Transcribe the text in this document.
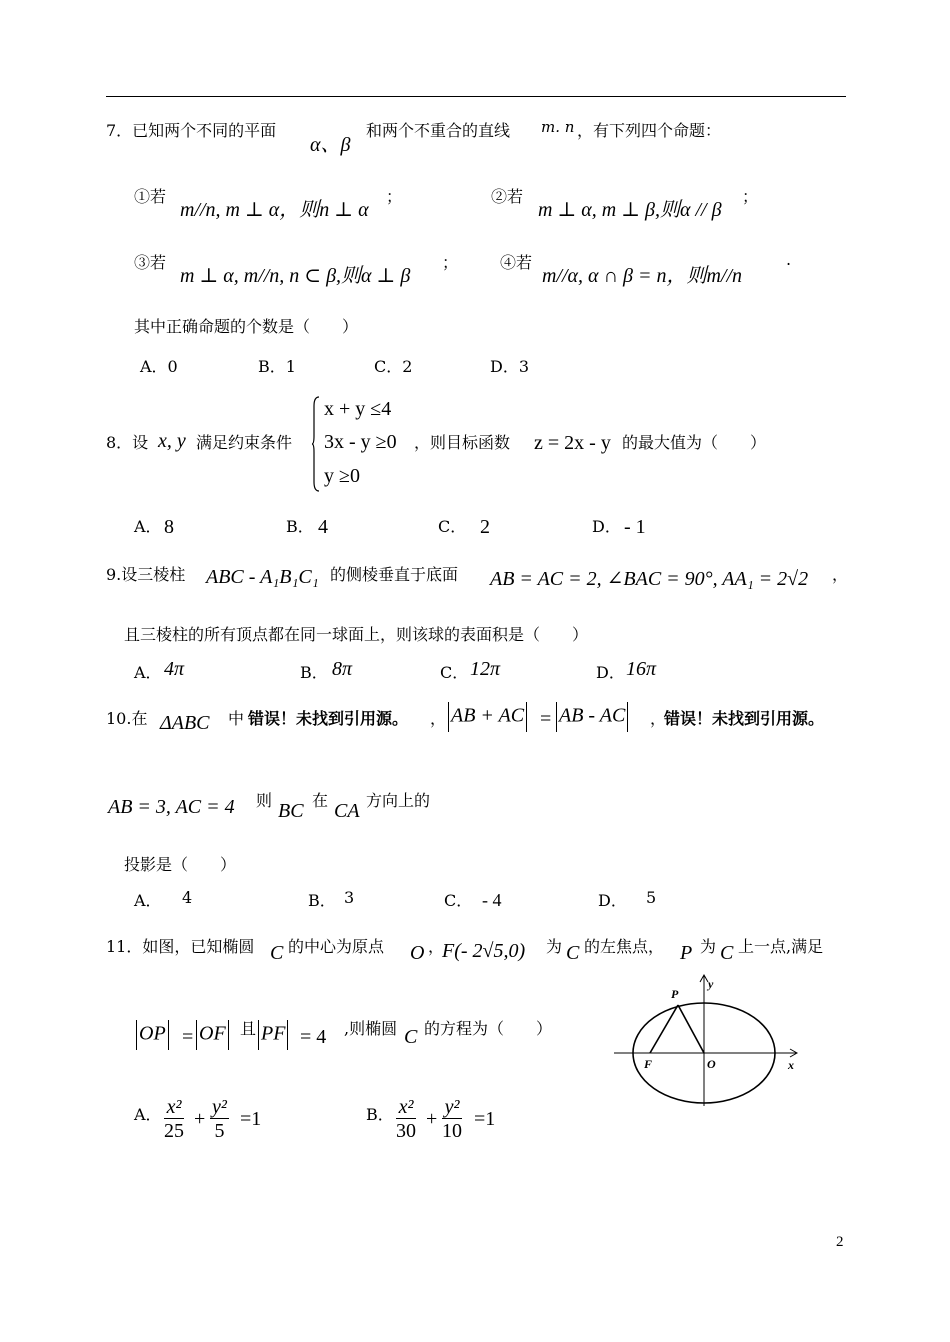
7．已知两个不同的平面
α、β
和两个不重合的直线 m. n ，有下列四个命题：
①若
m//n, m ⊥ α，则n ⊥ α
；	②若
m ⊥ α, m ⊥ β,则α // β
；
③若
m ⊥ α, m//n, n ⊂ β,则α ⊥ β
；	④若
m//α, α ∩ β = n，则m//n
.
其中正确命题的个数是（　　）
A．0	B．1	C．2	D．3
8．设 x, y 满足约束条件
x + y ≤4
3x - y ≥0
y ≥0
，则目标函数 z = 2x - y 的最大值为（　　）
A． 8	B． 4	C． 2	D． - 1
9.设三棱柱 ABC - A₁B₁C₁ 的侧棱垂直于底面 AB = AC = 2, ∠BAC = 90°, AA₁ = 2√2 ，
且三棱柱的所有顶点都在同一球面上，则该球的表面积是（　　）
A． 4π	B． 8π	C． 12π	D． 16π
10.在 ΔABC 中 错误！未找到引用源。 ， AB + AC = AB - AC	，
错误！未找到引用源。
AB = 3, AC = 4 则 BC 在 CA 方向上的
投影是（　　）
A． 4	B． 3	C． - 4	D． 5
11．如图，已知椭圆 C 的中心为原点 O ，
F(- 2√5,0) 为 C 的左焦点， P 为 C 上一点,满足
OP = OF 且 PF = 4 ,则椭圆 C 的方程为（　　）
P
y
F	O	x
A． $\frac{\text{x²}}{25} + \frac{\text{y²}}{5} =1$	B． $\frac{\text{x²}}{30} + \frac{\text{y²}}{10} =1$
2
